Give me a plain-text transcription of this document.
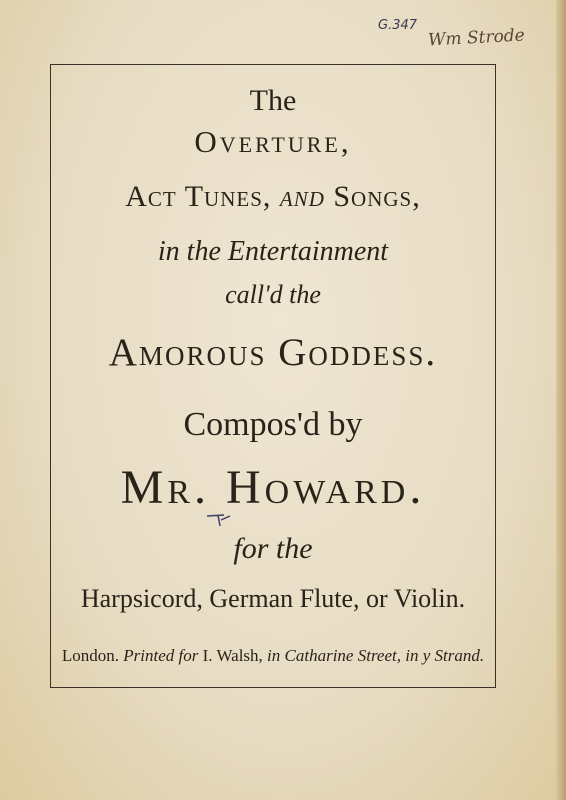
G.347 Wm Strode
The
Overture,
Act Tunes, and Songs,
in the Entertainment
call'd the
Amorous Goddess.
Compos'd by
Mr. Howard.
for the
Harpsicord, German Flute, or Violin.
London. Printed for I. Walsh, in Catharine Street, in y Strand.
